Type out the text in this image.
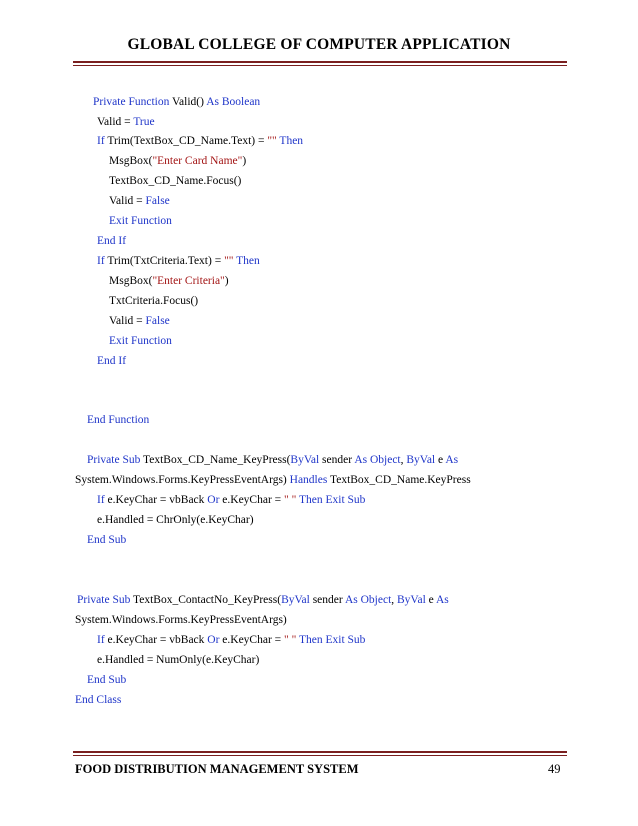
GLOBAL COLLEGE OF COMPUTER APPLICATION
Private Function Valid() As Boolean
Valid = True
If Trim(TextBox_CD_Name.Text) = "" Then
MsgBox("Enter Card Name")
TextBox_CD_Name.Focus()
Valid = False
Exit Function
End If
If Trim(TxtCriteria.Text) = "" Then
MsgBox("Enter Criteria")
TxtCriteria.Focus()
Valid = False
Exit Function
End If
End Function
Private Sub TextBox_CD_Name_KeyPress(ByVal sender As Object, ByVal e As
System.Windows.Forms.KeyPressEventArgs) Handles TextBox_CD_Name.KeyPress
If e.KeyChar = vbBack Or e.KeyChar = " " Then Exit Sub
e.Handled = ChrOnly(e.KeyChar)
End Sub
Private Sub TextBox_ContactNo_KeyPress(ByVal sender As Object, ByVal e As
System.Windows.Forms.KeyPressEventArgs)
If e.KeyChar = vbBack Or e.KeyChar = " " Then Exit Sub
e.Handled = NumOnly(e.KeyChar)
End Sub
End Class
FOOD DISTRIBUTION MANAGEMENT SYSTEM	49
